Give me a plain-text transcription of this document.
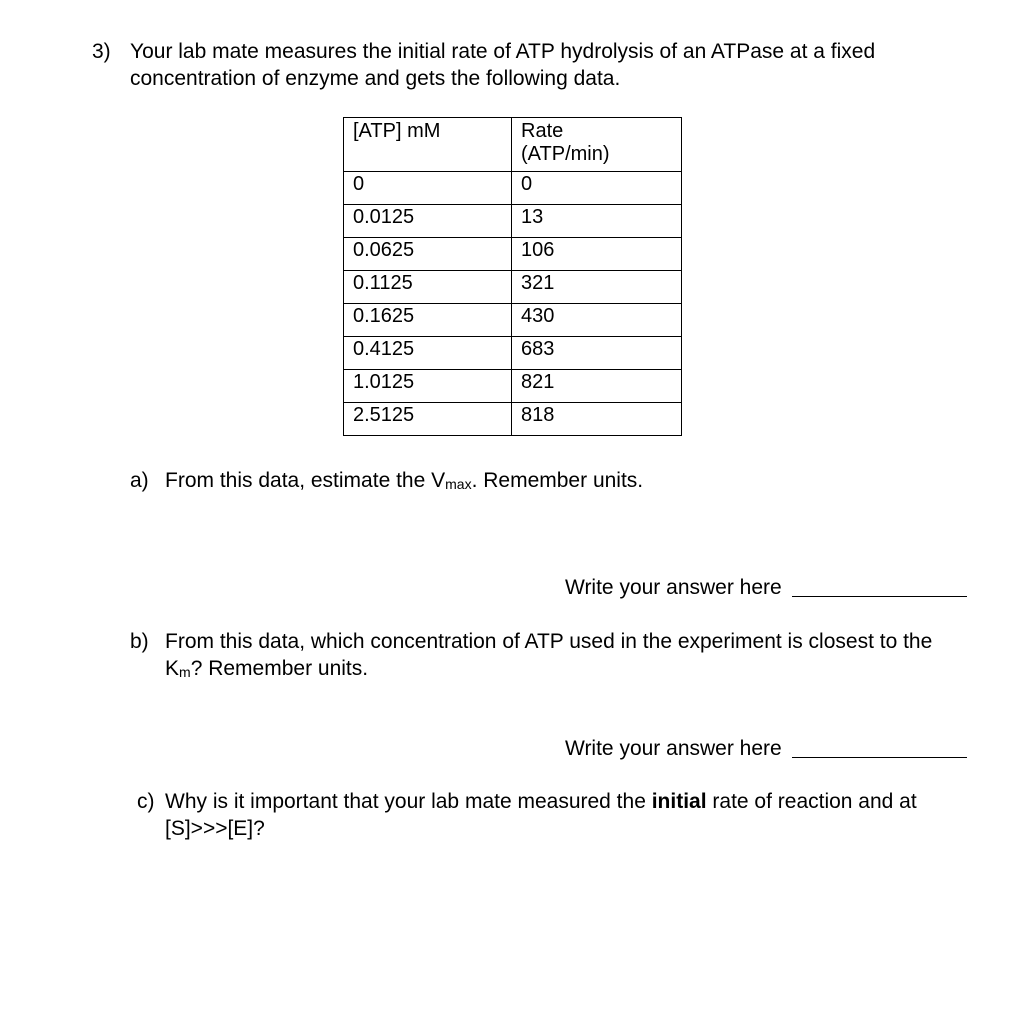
3) Your lab mate measures the initial rate of ATP hydrolysis of an ATPase at a fixed concentration of enzyme and gets the following data.
[ATP] mM	Rate (ATP/min)

0	0
0.0125	13
0.0625	106
0.1125	321
0.1625	430
0.4125	683
1.0125	821
2.5125	818
a) From this data, estimate the $V_{max}$. Remember units.
Write your answer here
b) From this data, which concentration of ATP used in the experiment is closest to the $K_m$? Remember units.
Write your answer here
c) Why is it important that your lab mate measured the initial rate of reaction and at [S]>>>[E]?
